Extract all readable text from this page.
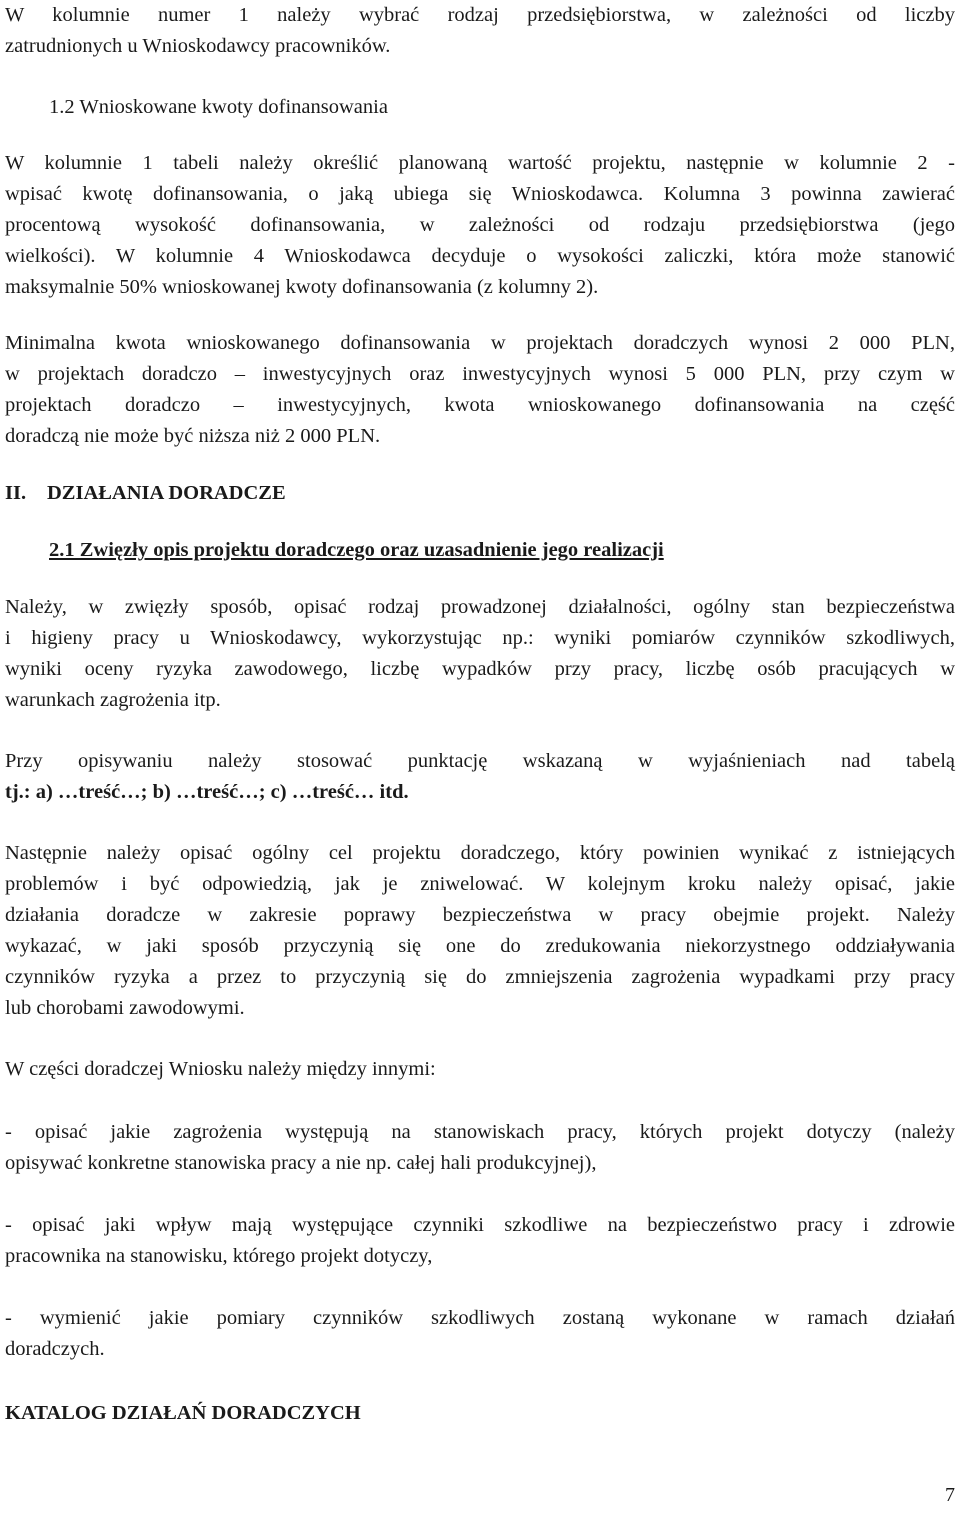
W kolumnie numer 1 należy wybrać rodzaj przedsiębiorstwa, w zależności od liczby

zatrudnionych u Wnioskodawcy pracowników.

1.2 Wnioskowane kwoty dofinansowania

W kolumnie 1 tabeli należy określić planowaną wartość projektu, następnie w kolumnie 2 -

wpisać kwotę dofinansowania, o jaką ubiega się Wnioskodawca. Kolumna 3 powinna zawierać

procentową wysokość dofinansowania, w zależności od rodzaju przedsiębiorstwa (jego

wielkości). W kolumnie 4 Wnioskodawca decyduje o wysokości zaliczki, która może stanowić

maksymalnie 50% wnioskowanej kwoty dofinansowania (z kolumny 2).

Minimalna kwota wnioskowanego dofinansowania w projektach doradczych wynosi 2 000 PLN,

w projektach doradczo – inwestycyjnych oraz inwestycyjnych wynosi 5 000 PLN, przy czym w

projektach doradczo – inwestycyjnych, kwota wnioskowanego dofinansowania na część

doradczą nie może być niższa niż 2 000 PLN.

II. DZIAŁANIA DORADCZE

2.1 Zwięzły opis projektu doradczego oraz uzasadnienie jego realizacji

Należy, w zwięzły sposób, opisać rodzaj prowadzonej działalności, ogólny stan bezpieczeństwa

i higieny pracy u Wnioskodawcy, wykorzystując np.: wyniki pomiarów czynników szkodliwych,

wyniki oceny ryzyka zawodowego, liczbę wypadków przy pracy, liczbę osób pracujących w

warunkach zagrożenia itp.

Przy opisywaniu należy stosować punktację wskazaną w wyjaśnieniach nad tabelą

tj.: a) …treść…; b) …treść…; c) …treść… itd.

Następnie należy opisać ogólny cel projektu doradczego, który powinien wynikać z istniejących

problemów i być odpowiedzią, jak je zniwelować. W kolejnym kroku należy opisać, jakie

działania doradcze w zakresie poprawy bezpieczeństwa w pracy obejmie projekt. Należy

wykazać, w jaki sposób przyczynią się one do zredukowania niekorzystnego oddziaływania

czynników ryzyka a przez to przyczynią się do zmniejszenia zagrożenia wypadkami przy pracy

lub chorobami zawodowymi.

W części doradczej Wniosku należy między innymi:

- opisać jakie zagrożenia występują na stanowiskach pracy, których projekt dotyczy (należy

opisywać konkretne stanowiska pracy a nie np. całej hali produkcyjnej),

- opisać jaki wpływ mają występujące czynniki szkodliwe na bezpieczeństwo pracy i zdrowie

pracownika na stanowisku, którego projekt dotyczy,

- wymienić jakie pomiary czynników szkodliwych zostaną wykonane w ramach działań

doradczych.

KATALOG DZIAŁAŃ DORADCZYCH

7
